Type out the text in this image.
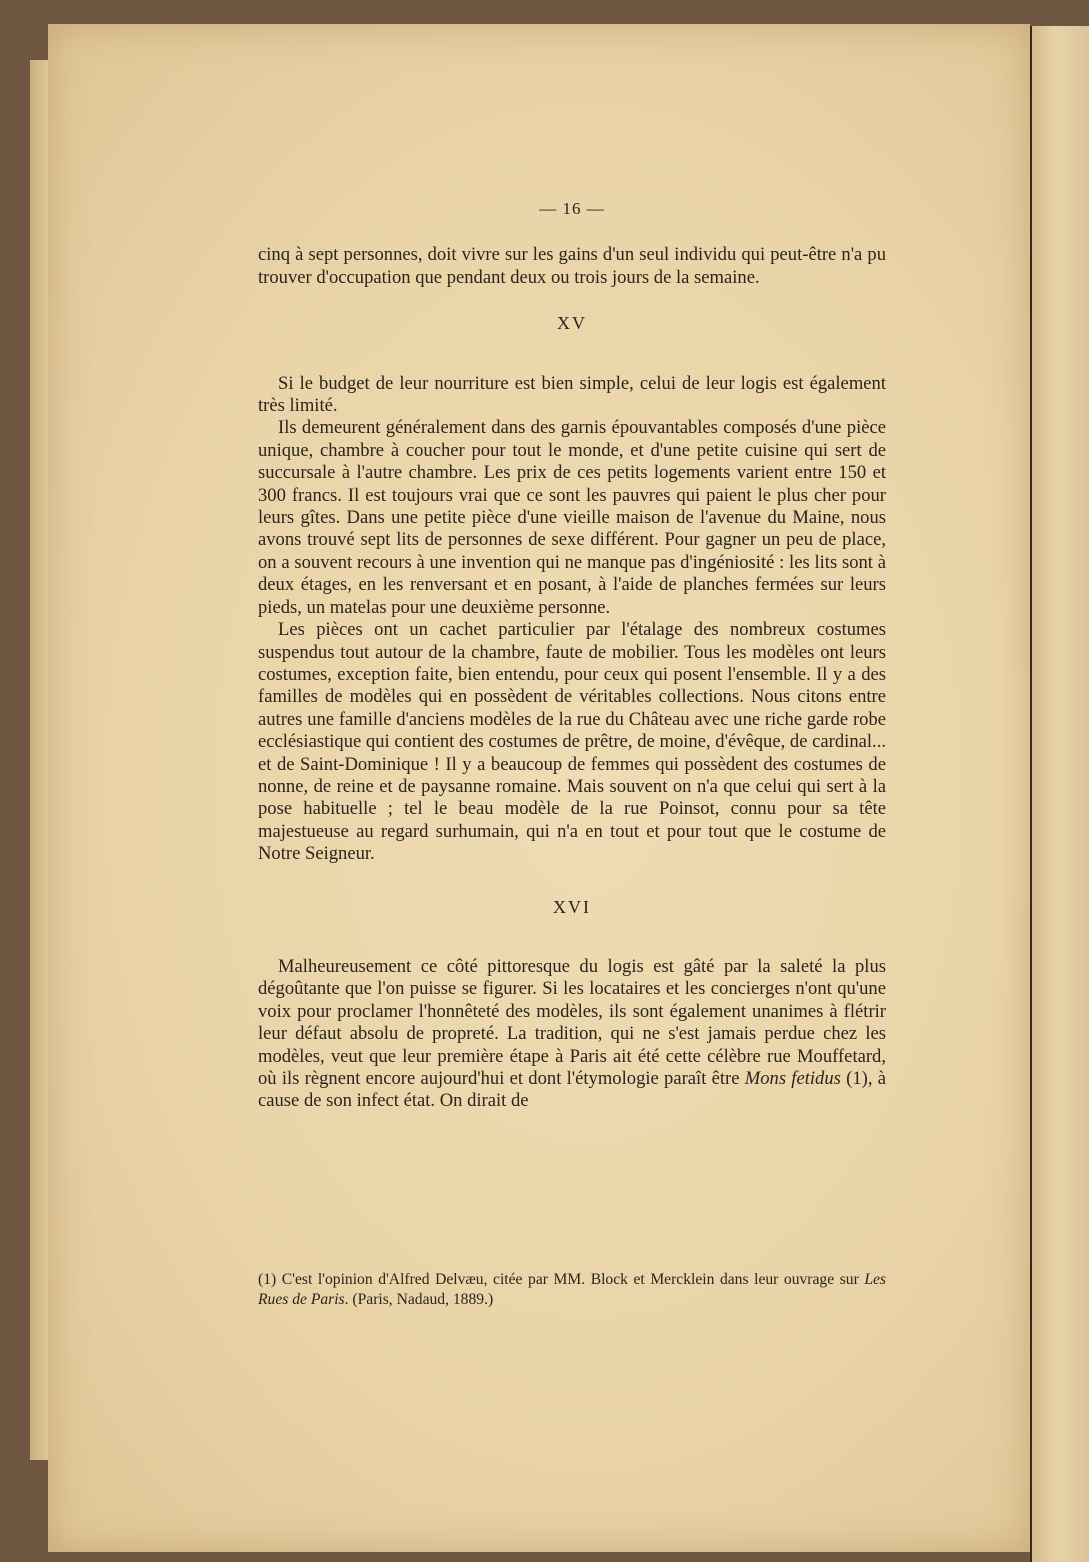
— 16 —

cinq à sept personnes, doit vivre sur les gains d'un seul individu qui peut-être n'a pu trouver d'occupation que pendant deux ou trois jours de la semaine.

XV

Si le budget de leur nourriture est bien simple, celui de leur logis est également très limité.

Ils demeurent généralement dans des garnis épouvantables composés d'une pièce unique, chambre à coucher pour tout le monde, et d'une petite cuisine qui sert de succursale à l'autre chambre. Les prix de ces petits logements varient entre 150 et 300 francs. Il est toujours vrai que ce sont les pauvres qui paient le plus cher pour leurs gîtes. Dans une petite pièce d'une vieille maison de l'avenue du Maine, nous avons trouvé sept lits de personnes de sexe différent. Pour gagner un peu de place, on a souvent recours à une invention qui ne manque pas d'ingéniosité : les lits sont à deux étages, en les renversant et en posant, à l'aide de planches fermées sur leurs pieds, un matelas pour une deuxième personne.

Les pièces ont un cachet particulier par l'étalage des nombreux costumes suspendus tout autour de la chambre, faute de mobilier. Tous les modèles ont leurs costumes, exception faite, bien entendu, pour ceux qui posent l'ensemble. Il y a des familles de modèles qui en possèdent de véritables collections. Nous citons entre autres une famille d'anciens modèles de la rue du Château avec une riche garde robe ecclésiastique qui contient des costumes de prêtre, de moine, d'évêque, de cardinal... et de Saint-Dominique ! Il y a beaucoup de femmes qui possèdent des costumes de nonne, de reine et de paysanne romaine. Mais souvent on n'a que celui qui sert à la pose habituelle ; tel le beau modèle de la rue Poinsot, connu pour sa tête majestueuse au regard surhumain, qui n'a en tout et pour tout que le costume de Notre Seigneur.

XVI

Malheureusement ce côté pittoresque du logis est gâté par la saleté la plus dégoûtante que l'on puisse se figurer. Si les locataires et les concierges n'ont qu'une voix pour proclamer l'honnêteté des modèles, ils sont également unanimes à flétrir leur défaut absolu de propreté. La tradition, qui ne s'est jamais perdue chez les modèles, veut que leur première étape à Paris ait été cette célèbre rue Mouffetard, où ils règnent encore aujourd'hui et dont l'étymologie paraît être Mons fetidus (1), à cause de son infect état. On dirait de

(1) C'est l'opinion d'Alfred Delvæu, citée par MM. Block et Mercklein dans leur ouvrage sur Les Rues de Paris. (Paris, Nadaud, 1889.)
